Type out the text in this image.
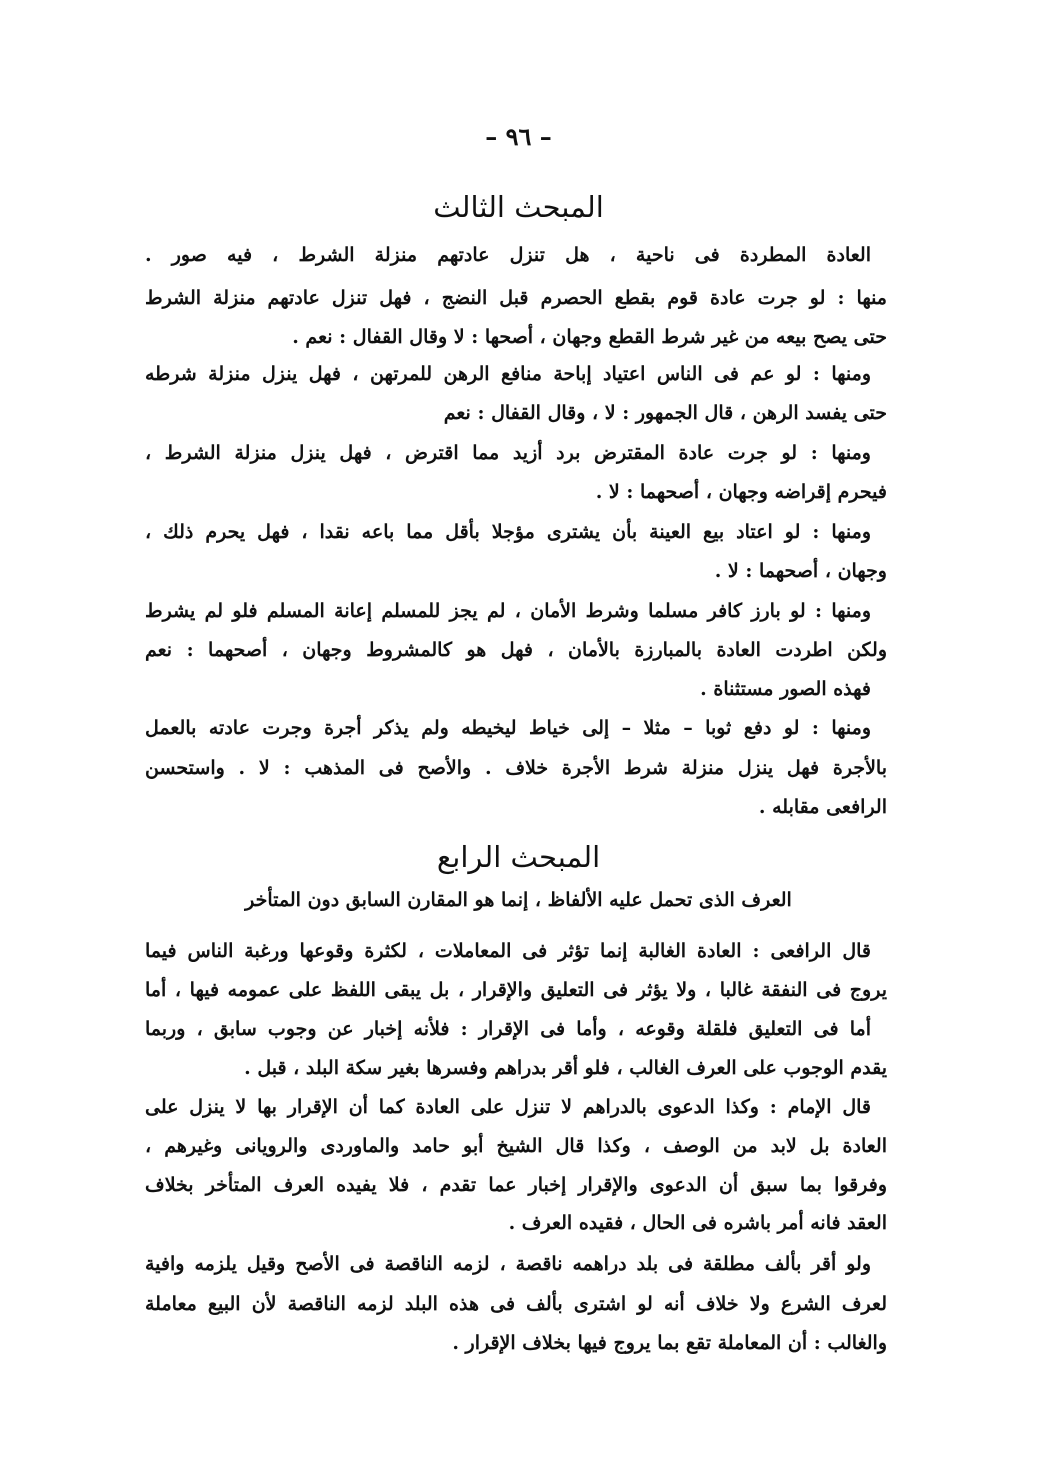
– ٩٦ –
المبحث الثالث
العادة المطردة فى ناحية ، هل تنزل عادتهم منزلة الشرط ، فيه صور .
منها : لو جرت عادة قوم بقطع الحصرم قبل النضج ، فهل تنزل عادتهم منزلة الشرط
حتى يصح بيعه من غير شرط القطع وجهان ، أصحها : لا وقال القفال : نعم .
ومنها : لو عم فى الناس اعتياد إباحة منافع الرهن للمرتهن ، فهل ينزل منزلة شرطه
حتى يفسد الرهن ، قال الجمهور : لا ، وقال القفال : نعم
ومنها : لو جرت عادة المقترض برد أزيد مما اقترض ، فهل ينزل منزلة الشرط ،
فيحرم إقراضه وجهان ، أصحهما : لا .
ومنها : لو اعتاد بيع العينة بأن يشترى مؤجلا بأقل مما باعه نقدا ، فهل يحرم ذلك ،
وجهان ، أصحهما : لا .
ومنها : لو بارز كافر مسلما وشرط الأمان ، لم يجز للمسلم إعانة المسلم فلو لم يشرط
ولكن اطردت العادة بالمبارزة بالأمان ، فهل هو كالمشروط وجهان ، أصحهما : نعم
فهذه الصور مستثناة .
ومنها : لو دفع ثوبا – مثلا – إلى خياط ليخيطه ولم يذكر أجرة وجرت عادته بالعمل
بالأجرة فهل ينزل منزلة شرط الأجرة خلاف . والأصح فى المذهب : لا . واستحسن
الرافعى مقابله .
المبحث الرابع
العرف الذى تحمل عليه الألفاظ ، إنما هو المقارن السابق دون المتأخر
قال الرافعى : العادة الغالبة إنما تؤثر فى المعاملات ، لكثرة وقوعها ورغبة الناس فيما
يروج فى النفقة غالبا ، ولا يؤثر فى التعليق والإقرار ، بل يبقى اللفظ على عمومه فيها ، أما
أما فى التعليق فلقلة وقوعه ، وأما فى الإقرار : فلأنه إخبار عن وجوب سابق ، وربما
يقدم الوجوب على العرف الغالب ، فلو أقر بدراهم وفسرها بغير سكة البلد ، قبل .
قال الإمام : وكذا الدعوى بالدراهم لا تنزل على العادة كما أن الإقرار بها لا ينزل على
العادة بل لابد من الوصف ، وكذا قال الشيخ أبو حامد والماوردى والرويانى وغيرهم ،
وفرقوا بما سبق أن الدعوى والإقرار إخبار عما تقدم ، فلا يفيده العرف المتأخر بخلاف
العقد فانه أمر باشره فى الحال ، فقيده العرف .
ولو أقر بألف مطلقة فى بلد دراهمه ناقصة ، لزمه الناقصة فى الأصح وقيل يلزمه وافية
لعرف الشرع ولا خلاف أنه لو اشترى بألف فى هذه البلد لزمه الناقصة لأن البيع معاملة
والغالب : أن المعاملة تقع بما يروج فيها بخلاف الإقرار .
